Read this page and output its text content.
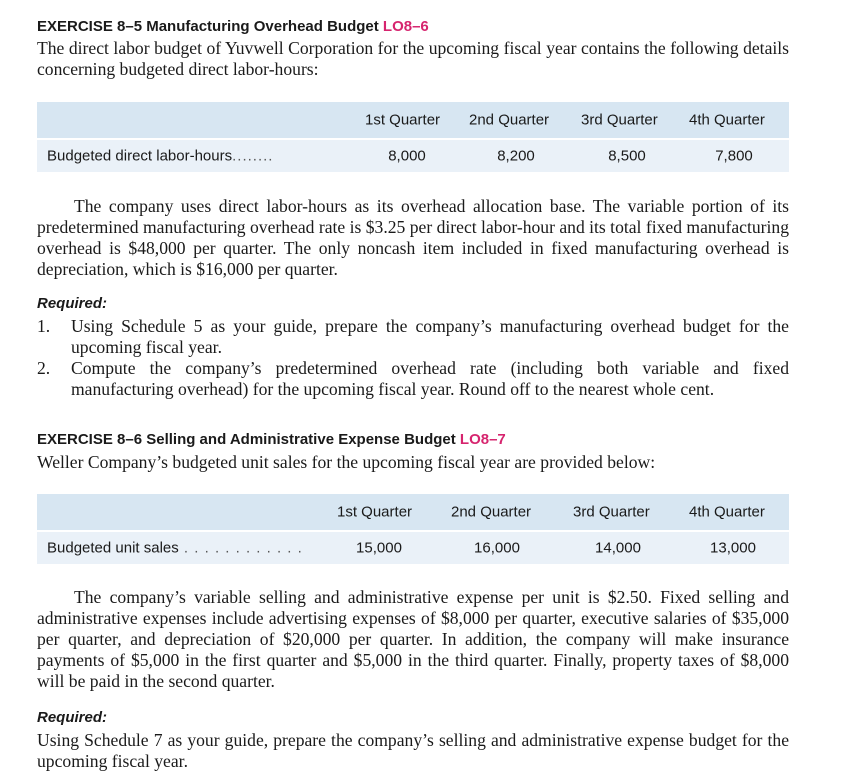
EXERCISE 8–5 Manufacturing Overhead Budget LO8–6

The direct labor budget of Yuvwell Corporation for the upcoming fiscal year contains the following details concerning budgeted direct labor-hours:

1st Quarter 2nd Quarter 3rd Quarter 4th Quarter
Budgeted direct labor-hours........	8,000	8,200	8,500	7,800

The company uses direct labor-hours as its overhead allocation base. The variable portion of its predetermined manufacturing overhead rate is $3.25 per direct labor-hour and its total fixed manufacturing overhead is $48,000 per quarter. The only noncash item included in fixed manufacturing overhead is depreciation, which is $16,000 per quarter.

Required:
1.	Using Schedule 5 as your guide, prepare the company’s manufacturing overhead budget for the upcoming fiscal year.
2.	Compute the company’s predetermined overhead rate (including both variable and fixed manufacturing overhead) for the upcoming fiscal year. Round off to the nearest whole cent.
EXERCISE 8–6 Selling and Administrative Expense Budget LO8–7

Weller Company’s budgeted unit sales for the upcoming fiscal year are provided below:

1st Quarter	2nd Quarter	3rd Quarter	4th Quarter
Budgeted unit sales . . . . . . . . . . . .	15,000	16,000	14,000	13,000

The company’s variable selling and administrative expense per unit is $2.50. Fixed selling and administrative expenses include advertising expenses of $8,000 per quarter, executive salaries of $35,000 per quarter, and depreciation of $20,000 per quarter. In addition, the company will make insurance payments of $5,000 in the first quarter and $5,000 in the third quarter. Finally, property taxes of $8,000 will be paid in the second quarter.

Required:

Using Schedule 7 as your guide, prepare the company’s selling and administrative expense budget for the upcoming fiscal year.
